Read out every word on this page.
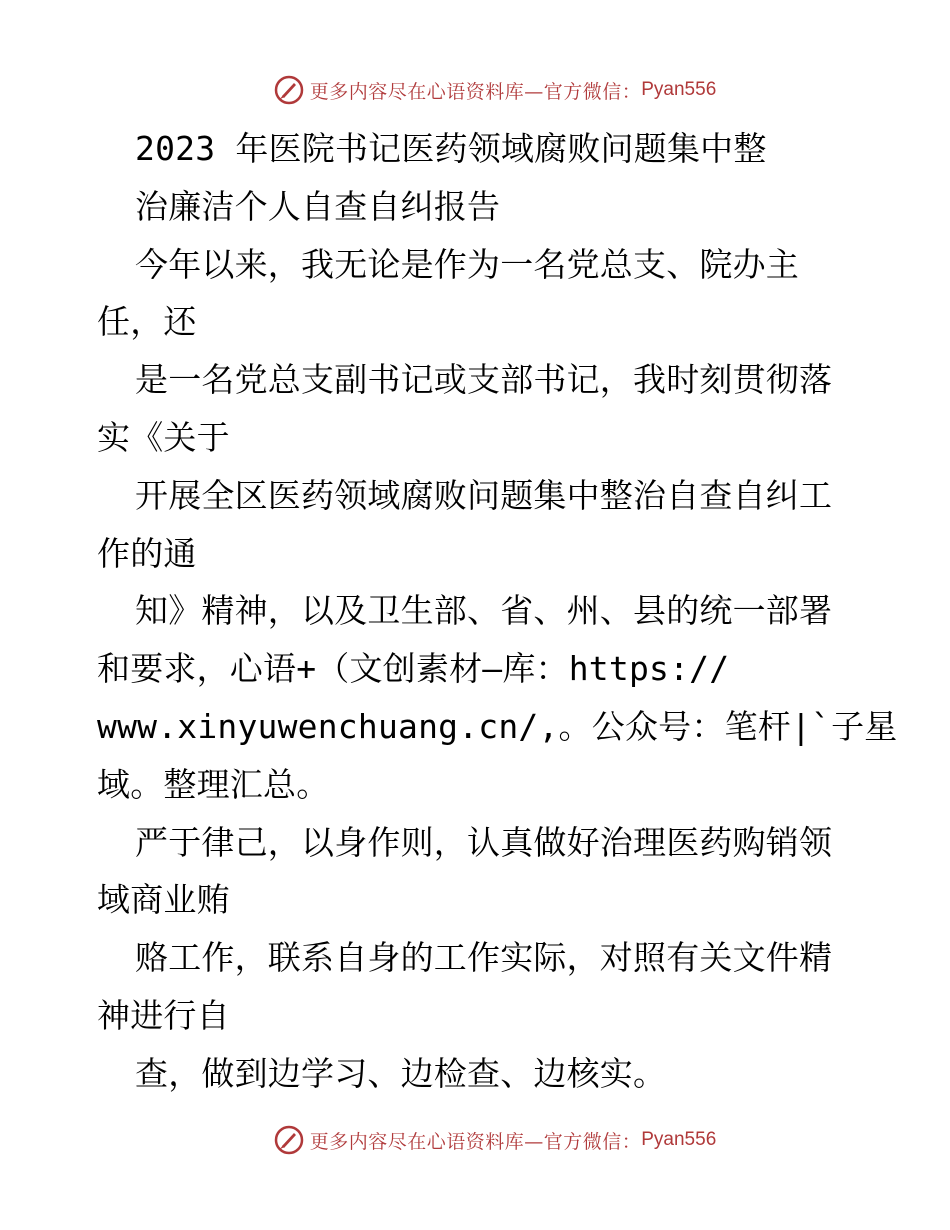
更多内容尽在心语资料库—官方微信： Pyan556
2023 年医院书记医药领域腐败问题集中整
治廉洁个人自查自纠报告
今年以来，我无论是作为一名党总支、院办主
任，还
是一名党总支副书记或支部书记，我时刻贯彻落
实《关于
开展全区医药领域腐败问题集中整治自查自纠工
作的通
知》精神，以及卫生部、省、州、县的统一部署
和要求，心语+（文创素材—库：https://
www.xinyuwenchuang.cn/,。公众号：笔杆|`子星
域。整理汇总。
严于律己，以身作则，认真做好治理医药购销领
域商业贿
赂工作，联系自身的工作实际，对照有关文件精
神进行自
查，做到边学习、边检查、边核实。
更多内容尽在心语资料库—官方微信： Pyan556
